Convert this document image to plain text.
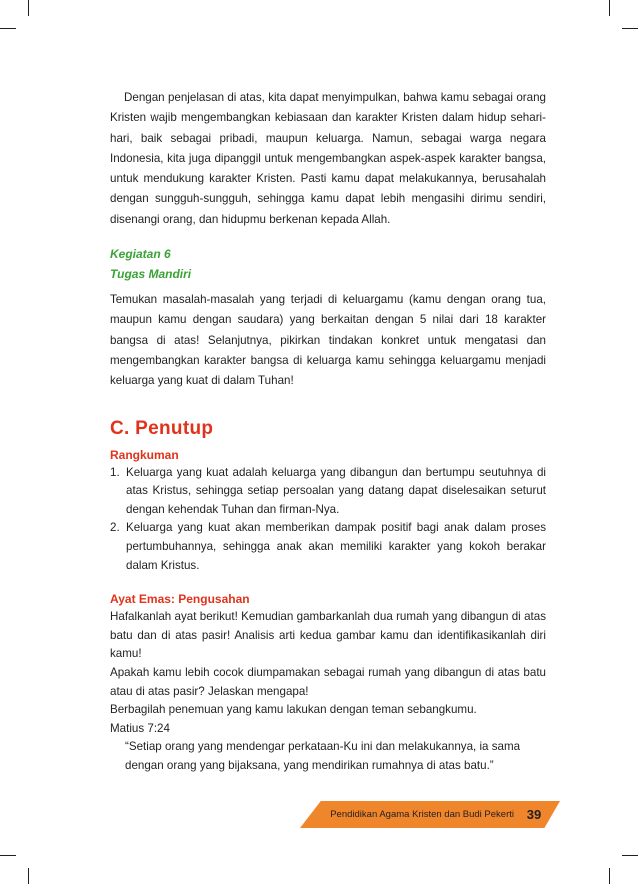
Dengan penjelasan di atas, kita dapat menyimpulkan, bahwa kamu sebagai orang Kristen wajib mengembangkan kebiasaan dan karakter Kristen dalam hidup sehari-hari, baik sebagai pribadi, maupun keluarga. Namun, sebagai warga negara Indonesia, kita juga dipanggil untuk mengembangkan aspek-aspek karakter bangsa, untuk mendukung karakter Kristen. Pasti kamu dapat melakukannya, berusahalah dengan sungguh-sungguh, sehingga kamu dapat lebih mengasihi dirimu sendiri, disenangi orang, dan hidupmu berkenan kepada Allah.

Kegiatan 6

Tugas Mandiri

Temukan masalah-masalah yang terjadi di keluargamu (kamu dengan orang tua, maupun kamu dengan saudara) yang berkaitan dengan 5 nilai dari 18 karakter bangsa di atas! Selanjutnya, pikirkan tindakan konkret untuk mengatasi dan mengembangkan karakter bangsa di keluarga kamu sehingga keluargamu menjadi keluarga yang kuat di dalam Tuhan!

C. Penutup

Rangkuman

1. Keluarga yang kuat adalah keluarga yang dibangun dan bertumpu seutuhnya di atas Kristus, sehingga setiap persoalan yang datang dapat diselesaikan seturut dengan kehendak Tuhan dan firman-Nya.
2. Keluarga yang kuat akan memberikan dampak positif bagi anak dalam proses pertumbuhannya, sehingga anak akan memiliki karakter yang kokoh berakar dalam Kristus.

Ayat Emas: Pengusahan

Hafalkanlah ayat berikut! Kemudian gambarkanlah dua rumah yang dibangun di atas batu dan di atas pasir! Analisis arti kedua gambar kamu dan identifikasikanlah diri kamu!

Apakah kamu lebih cocok diumpamakan sebagai rumah yang dibangun di atas batu atau di atas pasir? Jelaskan mengapa!

Berbagilah penemuan yang kamu lakukan dengan teman sebangkumu.

Matius 7:24

“Setiap orang yang mendengar perkataan-Ku ini dan melakukannya, ia sama dengan orang yang bijaksana, yang mendirikan rumahnya di atas batu.”

Pendidikan Agama Kristen dan Budi Pekerti 39
